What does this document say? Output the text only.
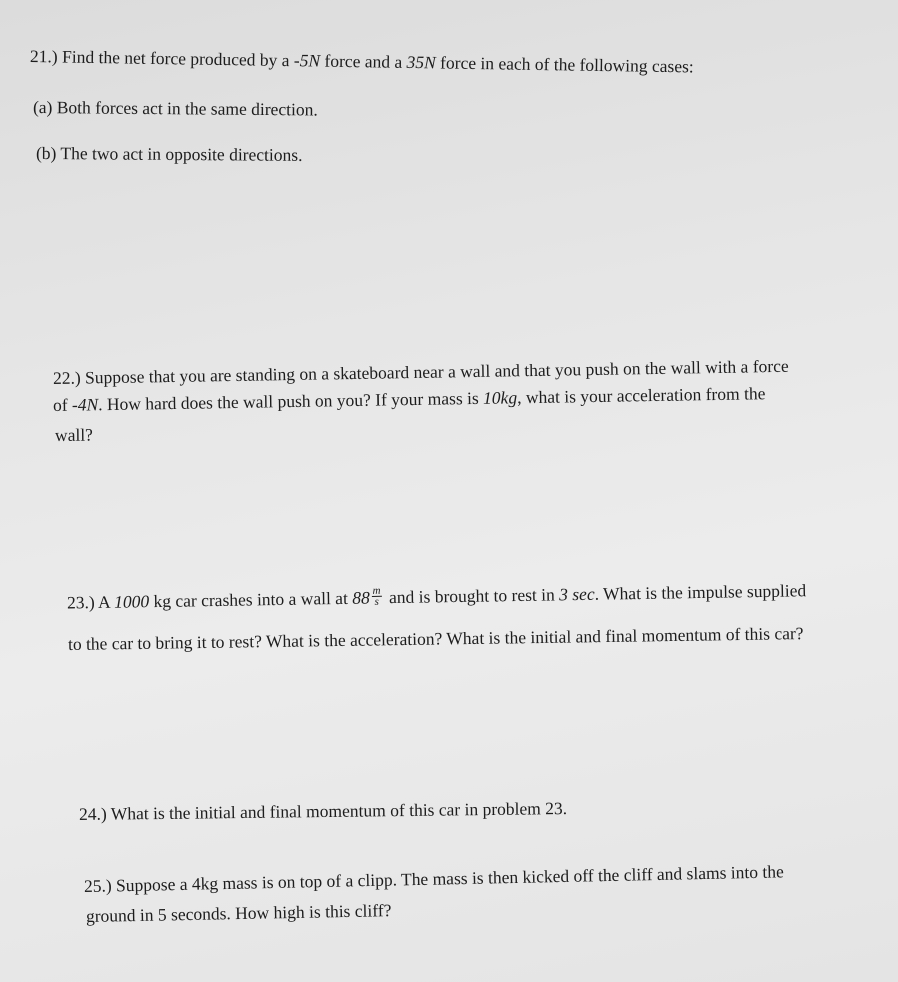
21.) Find the net force produced by a -5N force and a 35N force in each of the following cases:
(a) Both forces act in the same direction.
(b) The two act in opposite directions.
22.) Suppose that you are standing on a skateboard near a wall and that you push on the wall with a force
of -4N. How hard does the wall push on you? If your mass is 10kg, what is your acceleration from the
wall?
23.) A 1000 kg car crashes into a wall at $88 \frac{m}{s}$ and is brought to rest in 3 sec. What is the impulse supplied
to the car to bring it to rest? What is the acceleration? What is the initial and final momentum of this car?
24.) What is the initial and final momentum of this car in problem 23.
25.) Suppose a 4kg mass is on top of a clipp. The mass is then kicked off the cliff and slams into the
ground in 5 seconds. How high is this cliff?
